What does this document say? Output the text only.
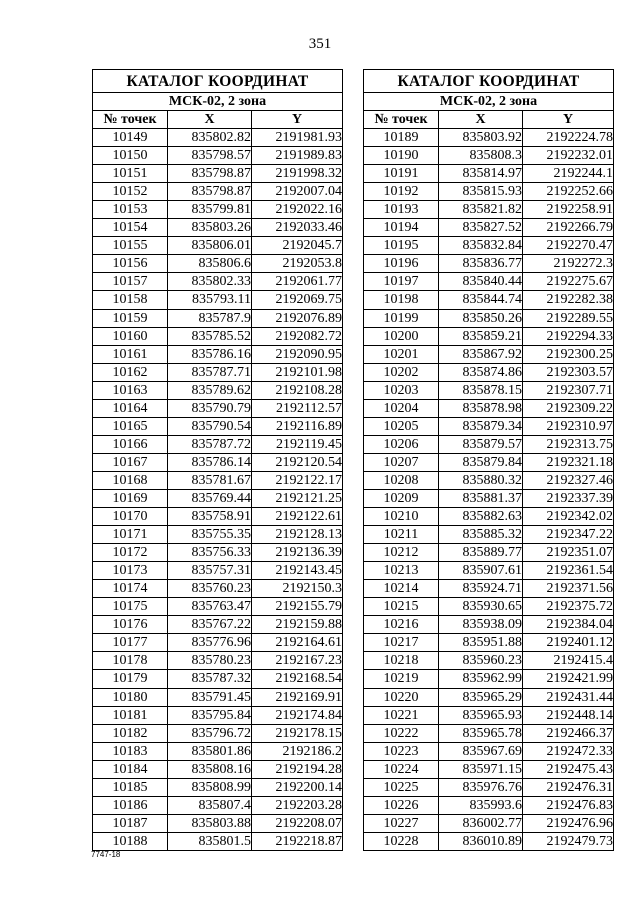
351
КАТАЛОГ КООРДИНАТ		
МСК-02, 2 зона		
№ точек	X	Y
10149	835802.82	2191981.93
10150	835798.57	2191989.83
10151	835798.87	2191998.32
10152	835798.87	2192007.04
10153	835799.81	2192022.16
10154	835803.26	2192033.46
10155	835806.01	2192045.7
10156	835806.6	2192053.8
10157	835802.33	2192061.77
10158	835793.11	2192069.75
10159	835787.9	2192076.89
10160	835785.52	2192082.72
10161	835786.16	2192090.95
10162	835787.71	2192101.98
10163	835789.62	2192108.28
10164	835790.79	2192112.57
10165	835790.54	2192116.89
10166	835787.72	2192119.45
10167	835786.14	2192120.54
10168	835781.67	2192122.17
10169	835769.44	2192121.25
10170	835758.91	2192122.61
10171	835755.35	2192128.13
10172	835756.33	2192136.39
10173	835757.31	2192143.45
10174	835760.23	2192150.3
10175	835763.47	2192155.79
10176	835767.22	2192159.88
10177	835776.96	2192164.61
10178	835780.23	2192167.23
10179	835787.32	2192168.54
10180	835791.45	2192169.91
10181	835795.84	2192174.84
10182	835796.72	2192178.15
10183	835801.86	2192186.2
10184	835808.16	2192194.28
10185	835808.99	2192200.14
10186	835807.4	2192203.28
10187	835803.88	2192208.07
10188	835801.5	2192218.87
КАТАЛОГ КООРДИНАТ		
МСК-02, 2 зона		
№ точек	X	Y
10189	835803.92	2192224.78
10190	835808.3	2192232.01
10191	835814.97	2192244.1
10192	835815.93	2192252.66
10193	835821.82	2192258.91
10194	835827.52	2192266.79
10195	835832.84	2192270.47
10196	835836.77	2192272.3
10197	835840.44	2192275.67
10198	835844.74	2192282.38
10199	835850.26	2192289.55
10200	835859.21	2192294.33
10201	835867.92	2192300.25
10202	835874.86	2192303.57
10203	835878.15	2192307.71
10204	835878.98	2192309.22
10205	835879.34	2192310.97
10206	835879.57	2192313.75
10207	835879.84	2192321.18
10208	835880.32	2192327.46
10209	835881.37	2192337.39
10210	835882.63	2192342.02
10211	835885.32	2192347.22
10212	835889.77	2192351.07
10213	835907.61	2192361.54
10214	835924.71	2192371.56
10215	835930.65	2192375.72
10216	835938.09	2192384.04
10217	835951.88	2192401.12
10218	835960.23	2192415.4
10219	835962.99	2192421.99
10220	835965.29	2192431.44
10221	835965.93	2192448.14
10222	835965.78	2192466.37
10223	835967.69	2192472.33
10224	835971.15	2192475.43
10225	835976.76	2192476.31
10226	835993.6	2192476.83
10227	836002.77	2192476.96
10228	836010.89	2192479.73
7747-18
